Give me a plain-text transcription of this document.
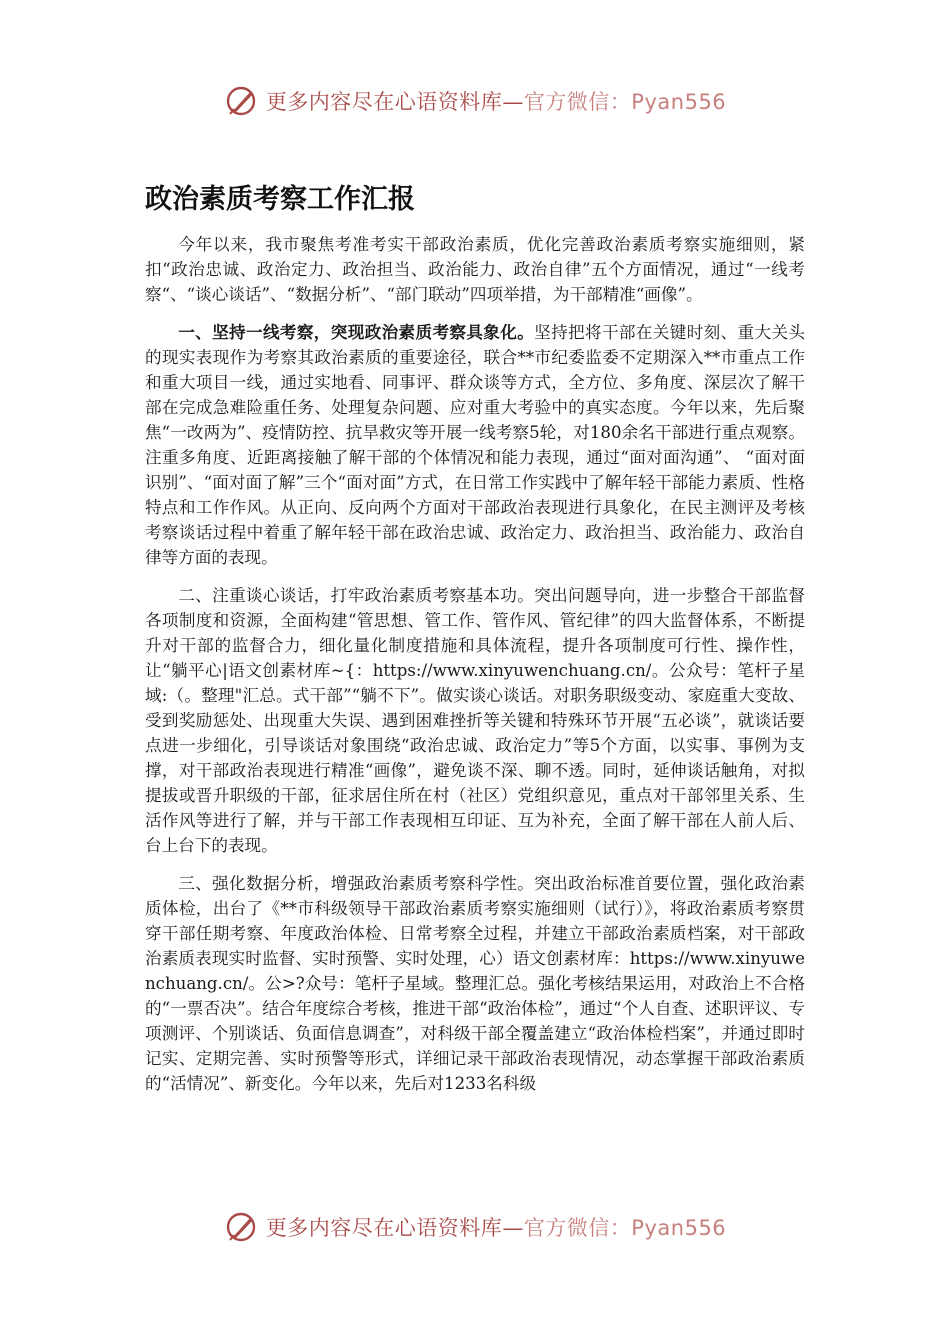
更多内容尽在心语资料库—官方微信：Pyan556
政治素质考察工作汇报

今年以来，我市聚焦考准考实干部政治素质，优化完善政治素质考察实施细则，紧扣“政治忠诚、政治定力、政治担当、政治能力、政治自律”五个方面情况，通过“一线考察“、“谈心谈话”、“数据分析”、“部门联动”四项举措，为干部精准“画像”。

一、坚持一线考察，突现政治素质考察具象化。坚持把将干部在关键时刻、重大关头的现实表现作为考察其政治素质的重要途径，联合**市纪委监委不定期深入**市重点工作和重大项目一线，通过实地看、同事评、群众谈等方式，全方位、多角度、深层次了解干部在完成急难险重任务、处理复杂问题、应对重大考验中的真实态度。今年以来，先后聚焦“一改两为”、疫情防控、抗旱救灾等开展一线考察5轮，对180余名干部进行重点观察。注重多角度、近距离接触了解干部的个体情况和能力表现，通过“面对面沟通”、 “面对面识别”、“面对面了解”三个“面对面”方式，在日常工作实践中了解年轻干部能力素质、性格特点和工作作风。从正向、反向两个方面对干部政治表现进行具象化，在民主测评及考核考察谈话过程中着重了解年轻干部在政治忠诚、政治定力、政治担当、政治能力、政治自律等方面的表现。

二、注重谈心谈话，打牢政治素质考察基本功。突出问题导向，进一步整合干部监督各项制度和资源，全面构建“管思想、管工作、管作风、管纪律”的四大监督体系，不断提升对干部的监督合力，细化量化制度措施和具体流程，提升各项制度可行性、操作性，让“躺平心|语文创素材库~{：https://www.xinyuwenchuang.cn/。公众号：笔杆子星域:（。整理"汇总。式干部”“躺不下”。做实谈心谈话。对职务职级变动、家庭重大变故、受到奖励惩处、出现重大失误、遇到困难挫折等关键和特殊环节开展“五必谈”，就谈话要点进一步细化，引导谈话对象围绕“政治忠诚、政治定力”等5个方面，以实事、事例为支撑，对干部政治表现进行精准“画像”，避免谈不深、聊不透。同时，延伸谈话触角，对拟提拔或晋升职级的干部，征求居住所在村（社区）党组织意见，重点对干部邻里关系、生活作风等进行了解，并与干部工作表现相互印证、互为补充，全面了解干部在人前人后、台上台下的表现。

三、强化数据分析，增强政治素质考察科学性。突出政治标准首要位置，强化政治素质体检，出台了《**市科级领导干部政治素质考察实施细则（试行）》，将政治素质考察贯穿干部任期考察、年度政治体检、日常考察全过程，并建立干部政治素质档案，对干部政治素质表现实时监督、实时预警、实时处理，心）语文创素材库：https://www.xinyuwenchuang.cn/。公>?众号：笔杆子星域。整理汇总。强化考核结果运用，对政治上不合格的“一票否决”。结合年度综合考核，推进干部“政治体检”，通过“个人自查、述职评议、专项测评、个别谈话、负面信息调查”，对科级干部全覆盖建立“政治体检档案”，并通过即时记实、定期完善、实时预警等形式，详细记录干部政治表现情况，动态掌握干部政治素质的“活情况”、新变化。今年以来，先后对1233名科级

更多内容尽在心语资料库—官方微信：Pyan556
